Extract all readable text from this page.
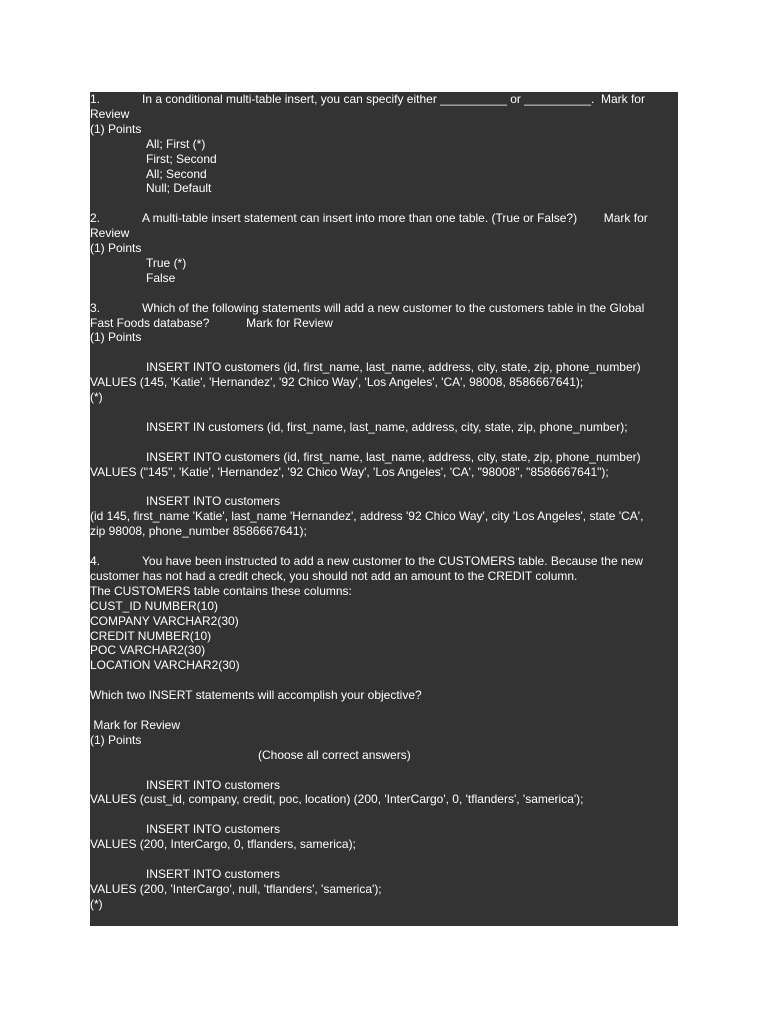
1.	In a conditional multi-table insert, you can specify either __________ or __________.  Mark for
Review
(1) Points
All; First (*)
First; Second
All; Second
Null; Default
2.	A multi-table insert statement can insert into more than one table. (True or False?)        Mark for
Review
(1) Points
True (*)
False
3.	Which of the following statements will add a new customer to the customers table in the Global
Fast Foods database?           Mark for Review
(1) Points
INSERT INTO customers (id, first_name, last_name, address, city, state, zip, phone_number)
VALUES (145, 'Katie', 'Hernandez', '92 Chico Way', 'Los Angeles', 'CA', 98008, 8586667641);
(*)
INSERT IN customers (id, first_name, last_name, address, city, state, zip, phone_number);
INSERT INTO customers (id, first_name, last_name, address, city, state, zip, phone_number)
VALUES ("145", 'Katie', 'Hernandez', '92 Chico Way', 'Los Angeles', 'CA', "98008", "8586667641");
INSERT INTO customers
(id 145, first_name 'Katie', last_name 'Hernandez', address '92 Chico Way', city 'Los Angeles', state 'CA',
zip 98008, phone_number 8586667641);
4.	You have been instructed to add a new customer to the CUSTOMERS table. Because the new
customer has not had a credit check, you should not add an amount to the CREDIT column.
The CUSTOMERS table contains these columns:
CUST_ID NUMBER(10)
COMPANY VARCHAR2(30)
CREDIT NUMBER(10)
POC VARCHAR2(30)
LOCATION VARCHAR2(30)
Which two INSERT statements will accomplish your objective?
Mark for Review
(1) Points
(Choose all correct answers)
INSERT INTO customers
VALUES (cust_id, company, credit, poc, location) (200, 'InterCargo', 0, 'tflanders', 'samerica');
INSERT INTO customers
VALUES (200, InterCargo, 0, tflanders, samerica);
INSERT INTO customers
VALUES (200, 'InterCargo', null, 'tflanders', 'samerica');
(*)
